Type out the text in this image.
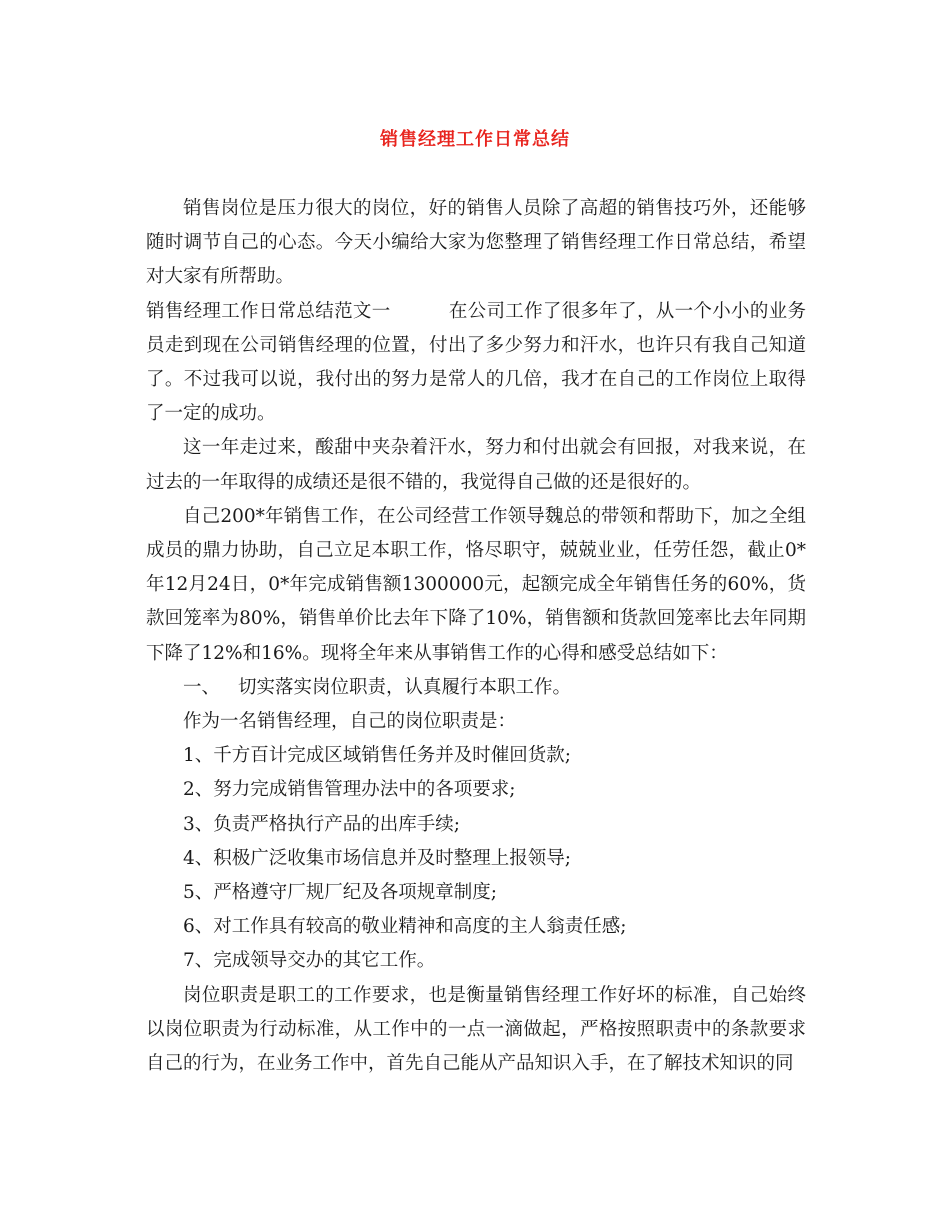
销售经理工作日常总结

销售岗位是压力很大的岗位，好的销售人员除了高超的销售技巧外，还能够随时调节自己的心态。今天小编给大家为您整理了销售经理工作日常总结，希望对大家有所帮助。

销售经理工作日常总结范文一	在公司工作了很多年了，从一个小小的业务员走到现在公司销售经理的位置，付出了多少努力和汗水，也许只有我自己知道了。不过我可以说，我付出的努力是常人的几倍，我才在自己的工作岗位上取得了一定的成功。

这一年走过来，酸甜中夹杂着汗水，努力和付出就会有回报，对我来说，在过去的一年取得的成绩还是很不错的，我觉得自己做的还是很好的。

自己200*年销售工作，在公司经营工作领导魏总的带领和帮助下，加之全组成员的鼎力协助，自己立足本职工作，恪尽职守，兢兢业业，任劳任怨，截止0*年12月24日，0*年完成销售额1300000元，起额完成全年销售任务的60%，货款回笼率为80%，销售单价比去年下降了10%，销售额和货款回笼率比去年同期下降了12%和16%。现将全年来从事销售工作的心得和感受总结如下：

一、 切实落实岗位职责，认真履行本职工作。

作为一名销售经理，自己的岗位职责是：

1、千方百计完成区域销售任务并及时催回货款;

2、努力完成销售管理办法中的各项要求;

3、负责严格执行产品的出库手续;

4、积极广泛收集市场信息并及时整理上报领导;

5、严格遵守厂规厂纪及各项规章制度;

6、对工作具有较高的敬业精神和高度的主人翁责任感;

7、完成领导交办的其它工作。

岗位职责是职工的工作要求，也是衡量销售经理工作好坏的标准，自己始终以岗位职责为行动标准，从工作中的一点一滴做起，严格按照职责中的条款要求自己的行为，在业务工作中，首先自己能从产品知识入手，在了解技术知识的同
